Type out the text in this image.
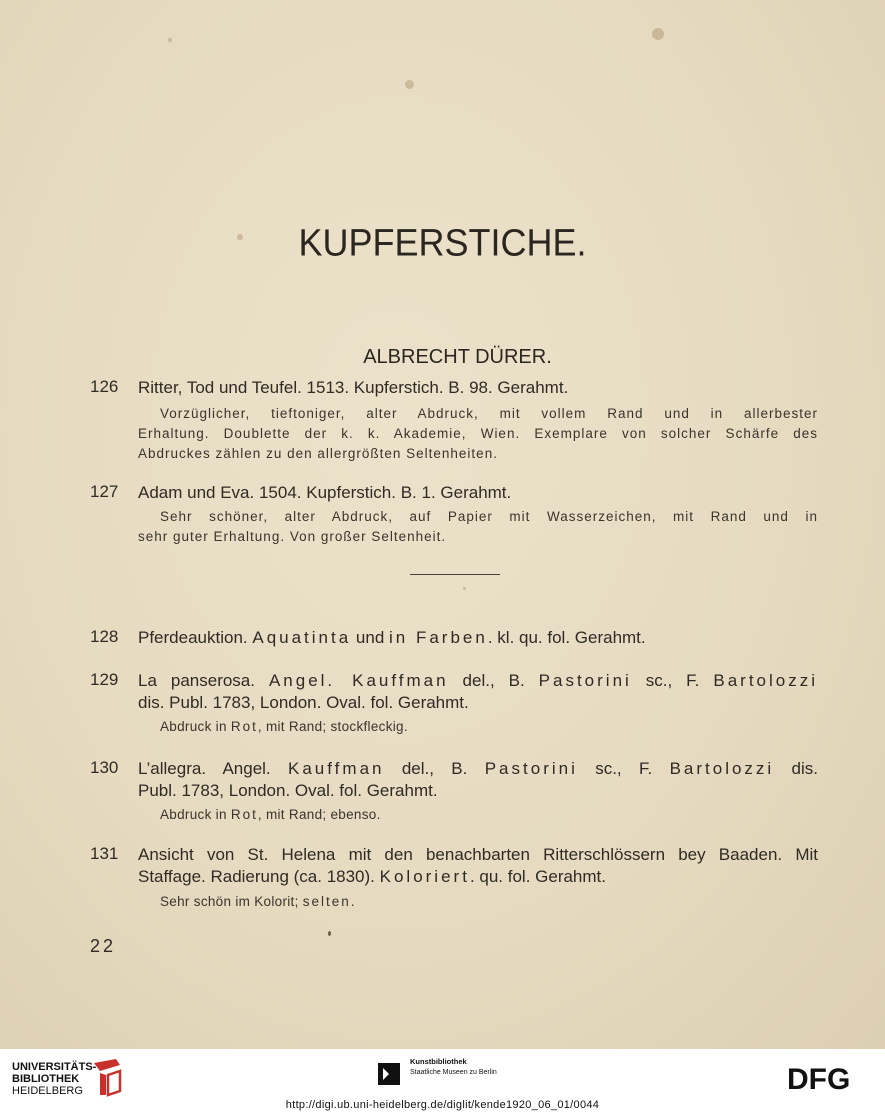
KUPFERSTICHE.
ALBRECHT DÜRER.
126 Ritter, Tod und Teufel. 1513. Kupferstich. B. 98. Gerahmt.
Vorzüglicher, tieftoniger, alter Abdruck, mit vollem Rand und in allerbester
Erhaltung. Doublette der k. k. Akademie, Wien. Exemplare von solcher Schärfe des
Abdruckes zählen zu den allergrößten Seltenheiten.
127 Adam und Eva. 1504. Kupferstich. B. 1. Gerahmt.
Sehr schöner, alter Abdruck, auf Papier mit Wasserzeichen, mit Rand und in
sehr guter Erhaltung. Von großer Seltenheit.
128 Pferdeauktion. Aquatinta und in Farben. kl. qu. fol. Gerahmt.
129 La panserosa. Angel. Kauffman del., B. Pastorini sc., F. Bartolozzi
dis. Publ. 1783, London. Oval. fol. Gerahmt.
Abdruck in Rot, mit Rand; stockfleckig.
130 L’allegra. Angel. Kauffman del., B. Pastorini sc., F. Bartolozzi dis.
Publ. 1783, London. Oval. fol. Gerahmt.
Abdruck in Rot, mit Rand; ebenso.
131 Ansicht von St. Helena mit den benachbarten Ritterschlössern bey Baaden. Mit
Staffage. Radierung (ca. 1830). Koloriert. qu. fol. Gerahmt.
Sehr schön im Kolorit; selten.
22
UNIVERSITÄTS-
BIBLIOTHEK
HEIDELBERG
Kunstbibliothek
Staatliche Museen zu Berlin	DFG
http://digi.ub.uni-heidelberg.de/diglit/kende1920_06_01/0044
